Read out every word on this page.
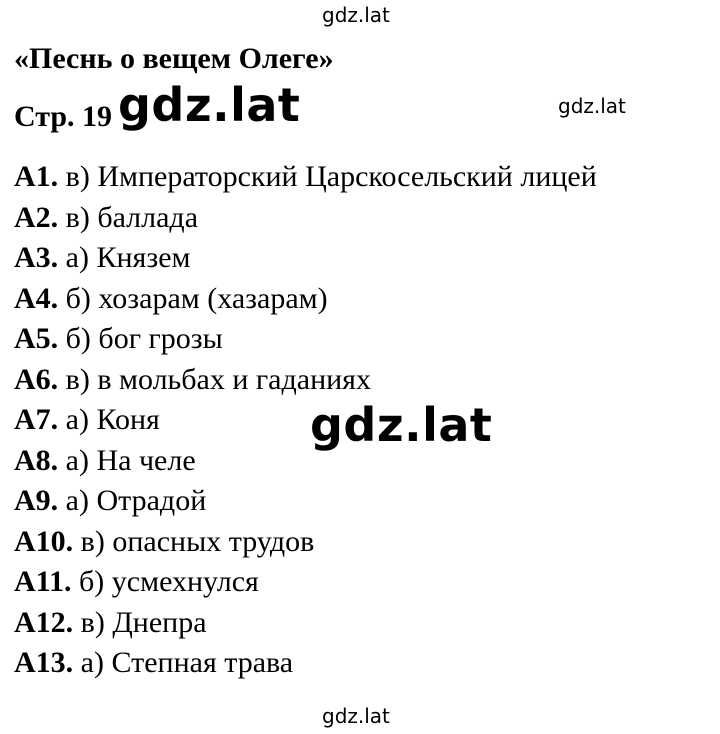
«Песнь о вещем Олеге»
Стр. 19
А1. в) Императорский Царскосельский лицей
А2. в) баллада
А3. а) Князем
А4. б) хозарам (хазарам)
А5. б) бог грозы
А6. в) в мольбах и гаданиях
А7. а) Коня
А8. а) На челе
А9. а) Отрадой
А10. в) опасных трудов
А11. б) усмехнулся
А12. в) Днепра
А13. а) Степная трава
gdz.lat
gdz.lat
gdz.lat
gdz.lat
gdz.lat
